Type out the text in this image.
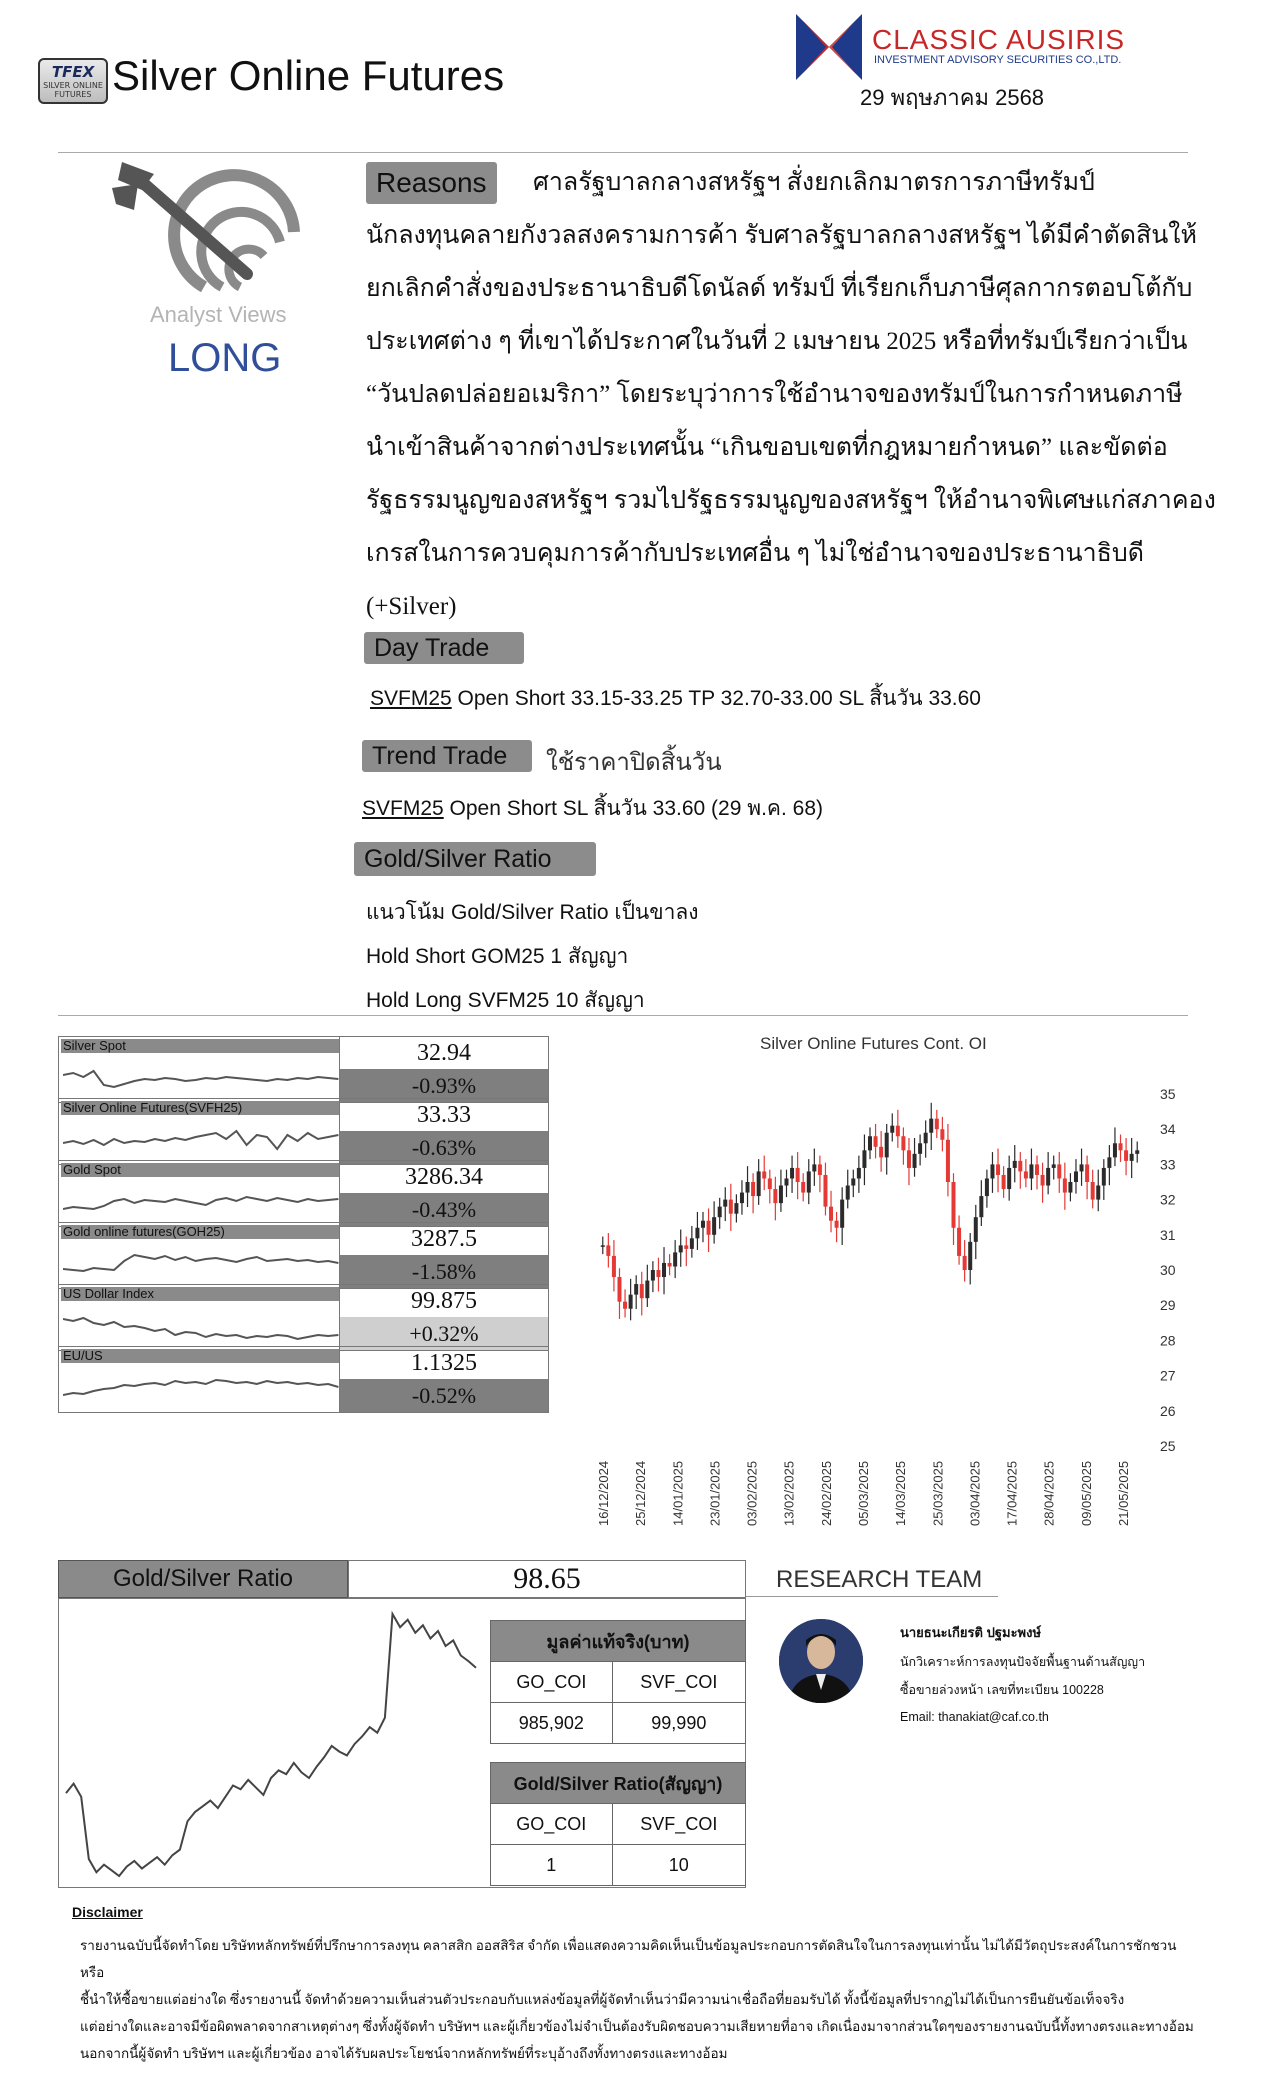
TFEX
SILVER ONLINE FUTURES Silver Online Futures
CLASSIC AUSIRIS
INVESTMENT ADVISORY SECURITIES CO.,LTD.
29 พฤษภาคม 2568
Analyst Views
LONG
Reasons	ศาลรัฐบาลกลางสหรัฐฯ สั่งยกเลิกมาตรการภาษีทรัมป์
นักลงทุนคลายกังวลสงครามการค้า รับศาลรัฐบาลกลางสหรัฐฯ ได้มีคำตัดสินให้
ยกเลิกคำสั่งของประธานาธิบดีโดนัลด์ ทรัมป์ ที่เรียกเก็บภาษีศุลกากรตอบโต้กับ
ประเทศต่าง ๆ ที่เขาได้ประกาศในวันที่ 2 เมษายน 2025 หรือที่ทรัมป์เรียกว่าเป็น
“วันปลดปล่อยอเมริกา” โดยระบุว่าการใช้อำนาจของทรัมป์ในการกำหนดภาษี
นำเข้าสินค้าจากต่างประเทศนั้น “เกินขอบเขตที่กฎหมายกำหนด” และขัดต่อ
รัฐธรรมนูญของสหรัฐฯ รวมไปรัฐธรรมนูญของสหรัฐฯ ให้อำนาจพิเศษแก่สภาคอง
เกรสในการควบคุมการค้ากับประเทศอื่น ๆ ไม่ใช่อำนาจของประธานาธิบดี
(+Silver)
Day Trade
SVFM25 Open Short 33.15-33.25 TP 32.70-33.00 SL สิ้นวัน 33.60
Trend Trade	ใช้ราคาปิดสิ้นวัน
SVFM25 Open Short SL สิ้นวัน 33.60 (29 พ.ค. 68)
Gold/Silver Ratio
แนวโน้ม Gold/Silver Ratio เป็นขาลง
Hold Short GOM25 1 สัญญา
Hold Long SVFM25 10 สัญญา
Silver Spot	32.94
-0.93%
Silver Online Futures(SVFH25)	33.33
-0.63%
Gold Spot	3286.34
-0.43%
Gold online futures(GOH25)	3287.5
-1.58%
US Dollar Index	99.875
+0.32%
EU/US	1.1325
-0.52%
Silver Online Futures Cont. OI
35
34
33
32
31
30
29
28
27
26
25
16/12/2024 25/12/2024 14/01/2025 23/01/2025 03/02/2025 13/02/2025 24/02/2025 05/03/2025 14/03/2025 25/03/2025 03/04/2025 17/04/2025 28/04/2025 09/05/2025 21/05/2025
Gold/Silver Ratio	98.65
มูลค่าแท้จริง(บาท)	
GO_COI	SVF_COI
985,902	99,990
Gold/Silver Ratio(สัญญา)	
GO_COI	SVF_COI
1	10
RESEARCH TEAM
นายธนะเกียรติ ปฐมะพงษ์
นักวิเคราะห์การลงทุนปัจจัยพื้นฐานด้านสัญญา
ซื้อขายล่วงหน้า เลขที่ทะเบียน 100228
Email: thanakiat@caf.co.th
Disclaimer
รายงานฉบับนี้จัดทำโดย บริษัทหลักทรัพย์ที่ปรึกษาการลงทุน คลาสสิก ออสสิริส จำกัด เพื่อแสดงความคิดเห็นเป็นข้อมูลประกอบการตัดสินใจในการลงทุนเท่านั้น ไม่ได้มีวัตถุประสงค์ในการชักชวน หรือ
ชี้นำให้ซื้อขายแต่อย่างใด ซึ่งรายงานนี้ จัดทำด้วยความเห็นส่วนตัวประกอบกับแหล่งข้อมูลที่ผู้จัดทำเห็นว่ามีความน่าเชื่อถือที่ยอมรับได้ ทั้งนี้ข้อมูลที่ปรากฏไม่ได้เป็นการยืนยันข้อเท็จจริง
แต่อย่างใดและอาจมีข้อผิดพลาดจากสาเหตุต่างๆ ซึ่งทั้งผู้จัดทำ บริษัทฯ และผู้เกี่ยวข้องไม่จำเป็นต้องรับผิดชอบความเสียหายที่อาจ เกิดเนื่องมาจากส่วนใดๆของรายงานฉบับนี้ทั้งทางตรงและทางอ้อม
นอกจากนี้ผู้จัดทำ บริษัทฯ และผู้เกี่ยวข้อง อาจได้รับผลประโยชน์จากหลักทรัพย์ที่ระบุอ้างถึงทั้งทางตรงและทางอ้อม
